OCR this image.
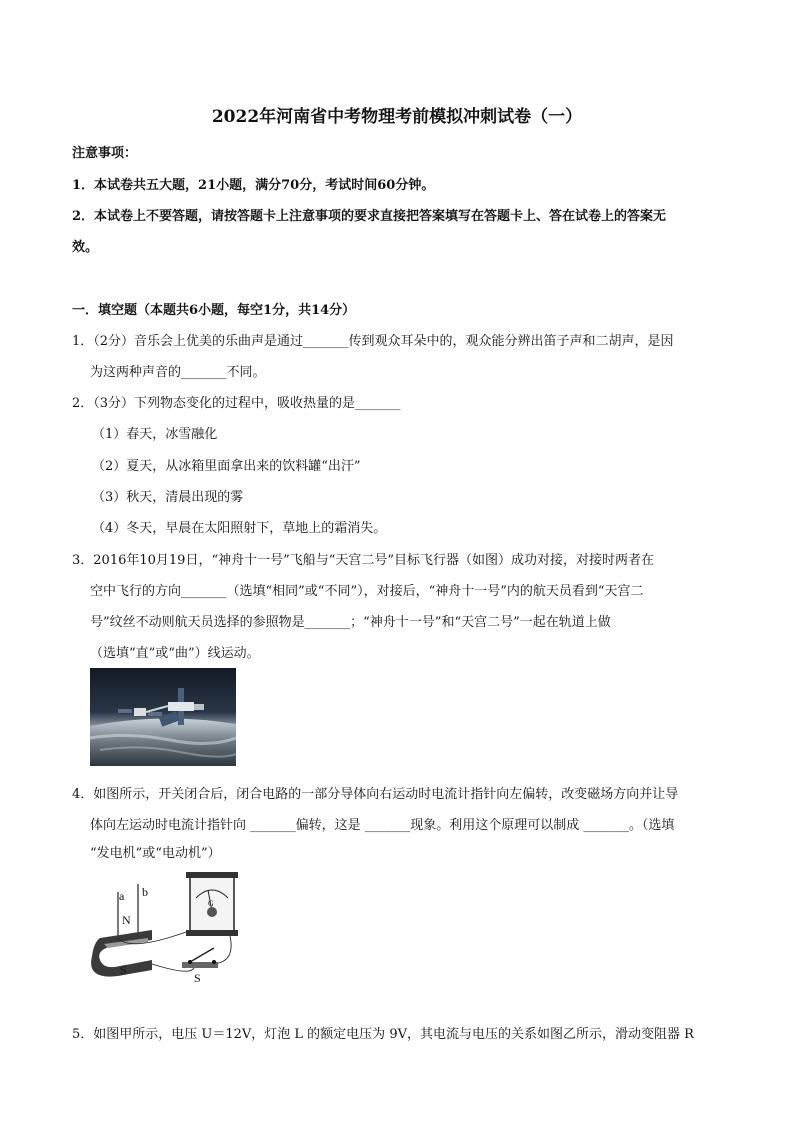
2022年河南省中考物理考前模拟冲刺试卷（一）
注意事项：
1．本试卷共五大题，21小题，满分70分，考试时间60分钟。
2．本试卷上不要答题，请按答题卡上注意事项的要求直接把答案填写在答题卡上、答在试卷上的答案无
效。
一．填空题（本题共6小题，每空1分，共14分）
1．（2分）音乐会上优美的乐曲声是通过_______传到观众耳朵中的，观众能分辨出笛子声和二胡声，是因
为这两种声音的_______不同。
2．（3分）下列物态变化的过程中，吸收热量的是_______
（1）春天，冰雪融化
（2）夏天，从冰箱里面拿出来的饮料罐“出汗”
（3）秋天，清晨出现的雾
（4）冬天，早晨在太阳照射下，草地上的霜消失。
3．2016年10月19日，“神舟十一号”飞船与“天宫二号”目标飞行器（如图）成功对接，对接时两者在
空中飞行的方向_______（选填“相同”或“不同”），对接后，“神舟十一号”内的航天员看到“天宫二
号”纹丝不动则航天员选择的参照物是_______；“神舟十一号”和“天宫二号”一起在轨道上做
（选填“直”或“曲”）线运动。
4．如图所示，开关闭合后，闭合电路的一部分导体向右运动时电流计指针向左偏转，改变磁场方向并让导
体向左运动时电流计指针向 _______偏转，这是 _______现象。利用这个原理可以制成 _______。（选填
“发电机”或“电动机”）
a b
N
S
G
S
5．如图甲所示，电压 U＝12V，灯泡 L 的额定电压为 9V，其电流与电压的关系如图乙所示，滑动变阻器 R
